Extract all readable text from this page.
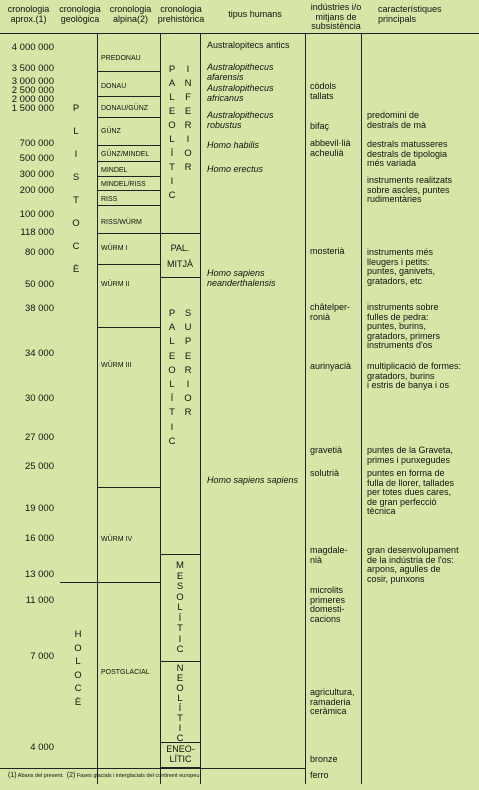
cronologia aprox.(1)
cronologia geològica
cronologia alpina(2)
cronologia prehistòrica	tipus humans
indústries i/o mitjans de subsistència
característiques principals
4 000 000
3 500 000
3 000 000
2 500 000
2 000 000
1 500 000
700 000
500 000
300 000
200 000
100 000
118 000
80 000
50 000
38 000
34 000
30 000
27 000
25 000
19 000
16 000
13 000
11 000
7 000
4 000
P
L
I
S
T
O
C
È
H
O
L
O
C
È
PREDONAU
DONAU
DONAU/GÜNZ
GÜNZ
GÜNZ/MINDEL
MINDEL
MINDEL/RISS
RISS
RISS/WÜRM
WÜRM I
WÜRM II
WÜRM III
WÜRM IV
POSTGLACIAL
P
A
L
E
O
L
Í
T
I
C
I
N
F
E
R
I
O
R
PAL.
MITJÀ
P
A
L
E
O
L
Í
T
I
C
S
U
P
E
R
I
O
R
M
E
S
O
L
Í
T
I
C
N
E
O
L
Í
T
I
C
ENEO-
LÍTIC
Australopitecs antics
Australopithecus
afarensis
Australopithecus
africanus
Australopithecus
robustus
Homo habilis
Homo erectus
Homo sapiens
neanderthalensis
Homo sapiens sapiens
còdols
tallats
bifaç
abbevil·lià
acheulià
mosterià
châtelper-
ronià
aurinyacià
gravetià
solutrià
magdale-
nià
microlits
primeres
domesti-
cacions
agricultura,
ramaderia
ceràmica
bronze
ferro
predomini de
destrals de mà
destrals matusseres
destrals de tipologia
més variada
instruments realitzats
sobre ascles, puntes
rudimentàries
instruments més
lleugers i petits:
puntes, ganivets,
gratadors, etc
instruments sobre
fulles de pedra:
puntes, burins,
gratadors, primers
instruments d'os
multiplicació de formes:
gratadors, burins
i estris de banya i os
puntes de la Graveta,
primes i punxegudes
puntes en forma de
fulla de llorer, tallades
per totes dues cares,
de gran perfecció
tècnica
gran desenvolupament
de la indústria de l'os:
arpons, agulles de
cosir, punxons
(1) Abans del present. (2) Fases glacials i interglacials del continent europeu
